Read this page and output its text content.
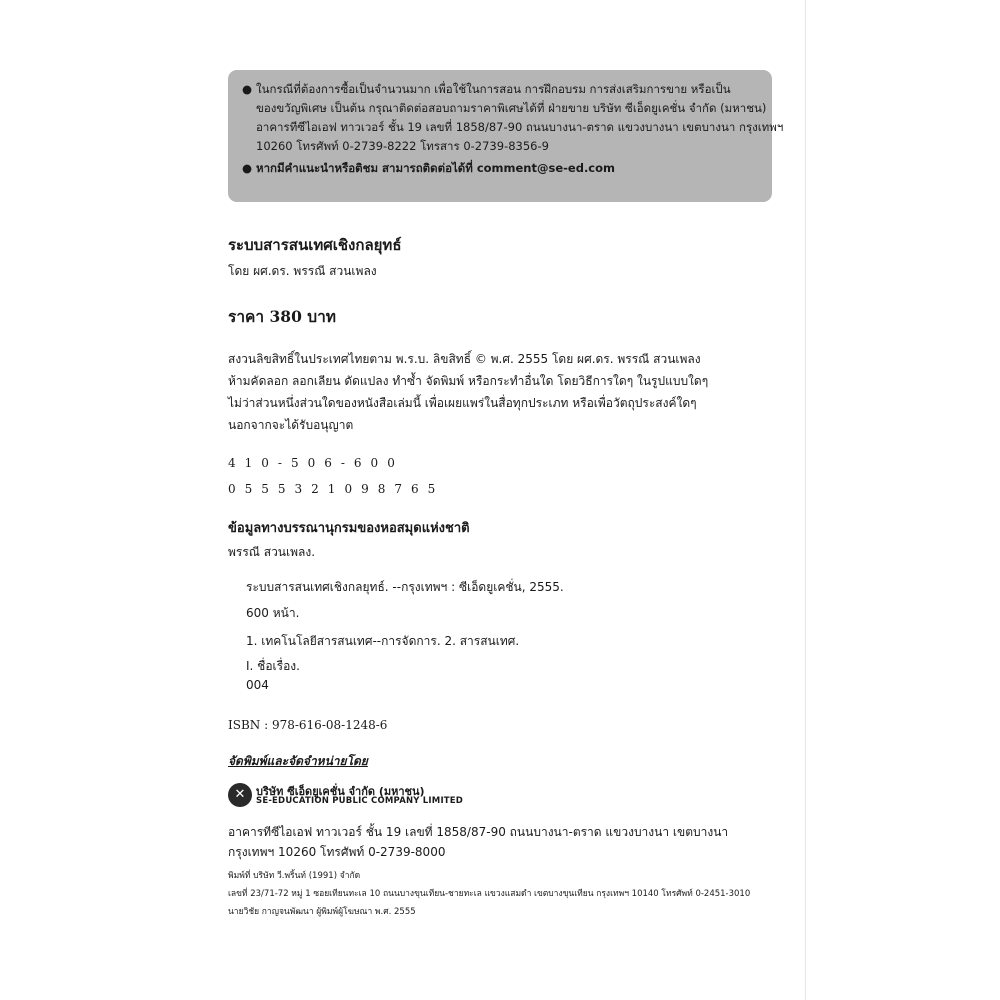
● ในกรณีที่ต้องการซื้อเป็นจำนวนมาก เพื่อใช้ในการสอน การฝึกอบรม การส่งเสริมการขาย หรือเป็น
ของขวัญพิเศษ เป็นต้น กรุณาติดต่อสอบถามราคาพิเศษได้ที่ ฝ่ายขาย บริษัท ซีเอ็ดยูเคชั่น จำกัด (มหาชน)
อาคารทีซีไอเอฟ ทาวเวอร์ ชั้น 19 เลขที่ 1858/87-90 ถนนบางนา-ตราด แขวงบางนา เขตบางนา กรุงเทพฯ
10260 โทรศัพท์ 0-2739-8222 โทรสาร 0-2739-8356-9
● หากมีคำแนะนำหรือติชม สามารถติดต่อได้ที่ comment@se-ed.com
ระบบสารสนเทศเชิงกลยุทธ์
โดย ผศ.ดร. พรรณี สวนเพลง
ราคา 380 บาท
สงวนลิขสิทธิ์ในประเทศไทยตาม พ.ร.บ. ลิขสิทธิ์ © พ.ศ. 2555 โดย ผศ.ดร. พรรณี สวนเพลง
ห้ามคัดลอก ลอกเลียน ดัดแปลง ทำซ้ำ จัดพิมพ์ หรือกระทำอื่นใด โดยวิธีการใดๆ ในรูปแบบใดๆ
ไม่ว่าส่วนหนึ่งส่วนใดของหนังสือเล่มนี้ เพื่อเผยแพร่ในสื่อทุกประเภท หรือเพื่อวัตถุประสงค์ใดๆ
นอกจากจะได้รับอนุญาต
410-506-600
0555321098765
ข้อมูลทางบรรณานุกรมของหอสมุดแห่งชาติ
พรรณี สวนเพลง.
ระบบสารสนเทศเชิงกลยุทธ์. --กรุงเทพฯ : ซีเอ็ดยูเคชั่น, 2555.
600 หน้า.
1. เทคโนโลยีสารสนเทศ--การจัดการ. 2. สารสนเทศ.
I. ชื่อเรื่อง.
004
ISBN : 978-616-08-1248-6
จัดพิมพ์และจัดจำหน่ายโดย
✕ บริษัท ซีเอ็ดยูเคชั่น จำกัด (มหาชน)
SE-EDUCATION PUBLIC COMPANY LIMITED
อาคารทีซีไอเอฟ ทาวเวอร์ ชั้น 19 เลขที่ 1858/87-90 ถนนบางนา-ตราด แขวงบางนา เขตบางนา
กรุงเทพฯ 10260 โทรศัพท์ 0-2739-8000
พิมพ์ที่ บริษัท วี.พริ้นท์ (1991) จำกัด
เลขที่ 23/71-72 หมู่ 1 ซอยเทียนทะเล 10 ถนนบางขุนเทียน-ชายทะเล แขวงแสมดำ เขตบางขุนเทียน กรุงเทพฯ 10140 โทรศัพท์ 0-2451-3010
นายวิชัย กาญจนพัฒนา ผู้พิมพ์ผู้โฆษณา พ.ศ. 2555
